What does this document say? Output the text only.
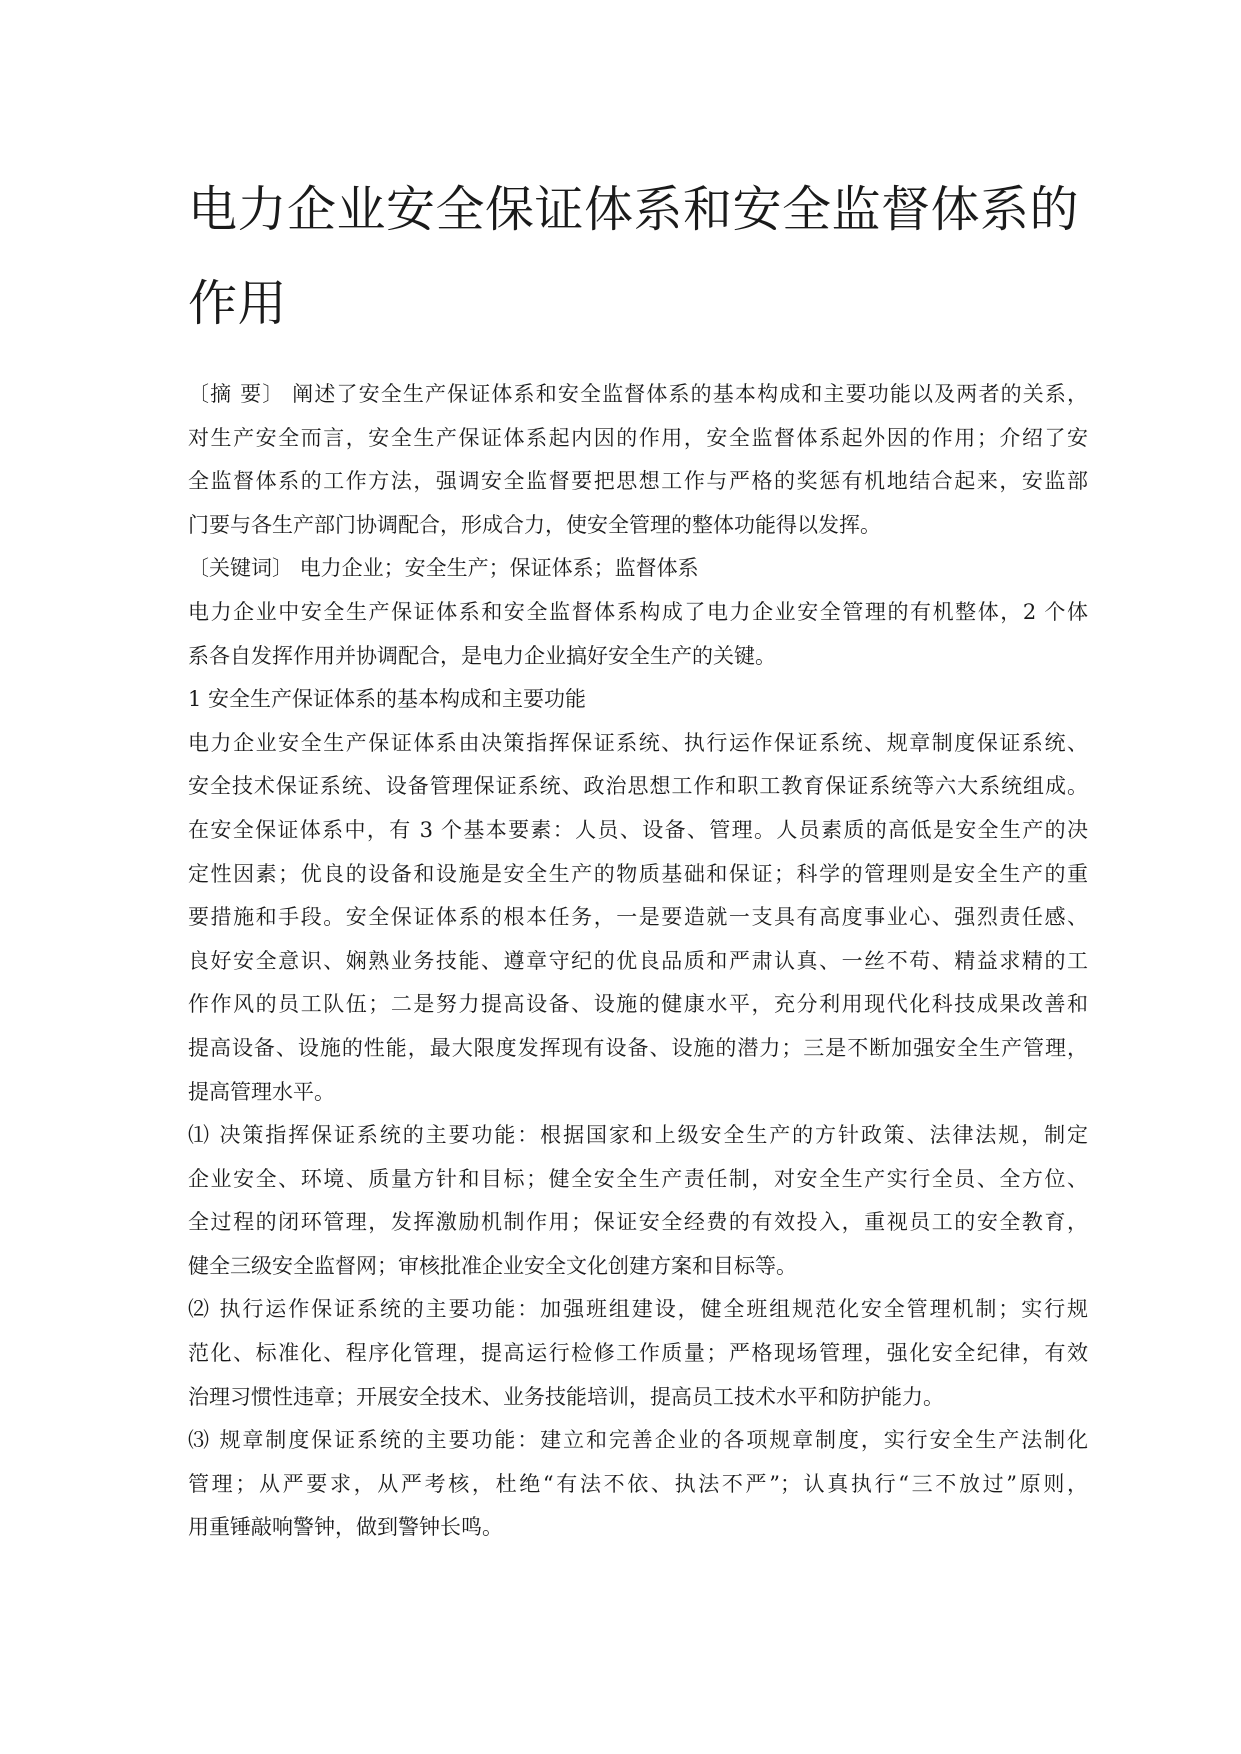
电力企业安全保证体系和安全监督体系的
作用
〔摘 要〕 阐述了安全生产保证体系和安全监督体系的基本构成和主要功能以及两者的关系，
对生产安全而言，安全生产保证体系起内因的作用，安全监督体系起外因的作用；介绍了安
全监督体系的工作方法，强调安全监督要把思想工作与严格的奖惩有机地结合起来，安监部
门要与各生产部门协调配合，形成合力，使安全管理的整体功能得以发挥。
〔关键词〕 电力企业；安全生产；保证体系；监督体系
电力企业中安全生产保证体系和安全监督体系构成了电力企业安全管理的有机整体，2 个体
系各自发挥作用并协调配合，是电力企业搞好安全生产的关键。
1 安全生产保证体系的基本构成和主要功能
电力企业安全生产保证体系由决策指挥保证系统、执行运作保证系统、规章制度保证系统、
安全技术保证系统、设备管理保证系统、政治思想工作和职工教育保证系统等六大系统组成。
在安全保证体系中，有 3 个基本要素：人员、设备、管理。人员素质的高低是安全生产的决
定性因素；优良的设备和设施是安全生产的物质基础和保证；科学的管理则是安全生产的重
要措施和手段。安全保证体系的根本任务，一是要造就一支具有高度事业心、强烈责任感、
良好安全意识、娴熟业务技能、遵章守纪的优良品质和严肃认真、一丝不苟、精益求精的工
作作风的员工队伍；二是努力提高设备、设施的健康水平，充分利用现代化科技成果改善和
提高设备、设施的性能，最大限度发挥现有设备、设施的潜力；三是不断加强安全生产管理，
提高管理水平。
⑴ 决策指挥保证系统的主要功能：根据国家和上级安全生产的方针政策、法律法规，制定
企业安全、环境、质量方针和目标；健全安全生产责任制，对安全生产实行全员、全方位、
全过程的闭环管理，发挥激励机制作用；保证安全经费的有效投入，重视员工的安全教育，
健全三级安全监督网；审核批准企业安全文化创建方案和目标等。
⑵ 执行运作保证系统的主要功能：加强班组建设，健全班组规范化安全管理机制；实行规
范化、标准化、程序化管理，提高运行检修工作质量；严格现场管理，强化安全纪律，有效
治理习惯性违章；开展安全技术、业务技能培训，提高员工技术水平和防护能力。
⑶ 规章制度保证系统的主要功能：建立和完善企业的各项规章制度，实行安全生产法制化
管理；从严要求，从严考核，杜绝“有法不依、执法不严”；认真执行“三不放过”原则，
用重锤敲响警钟，做到警钟长鸣。
